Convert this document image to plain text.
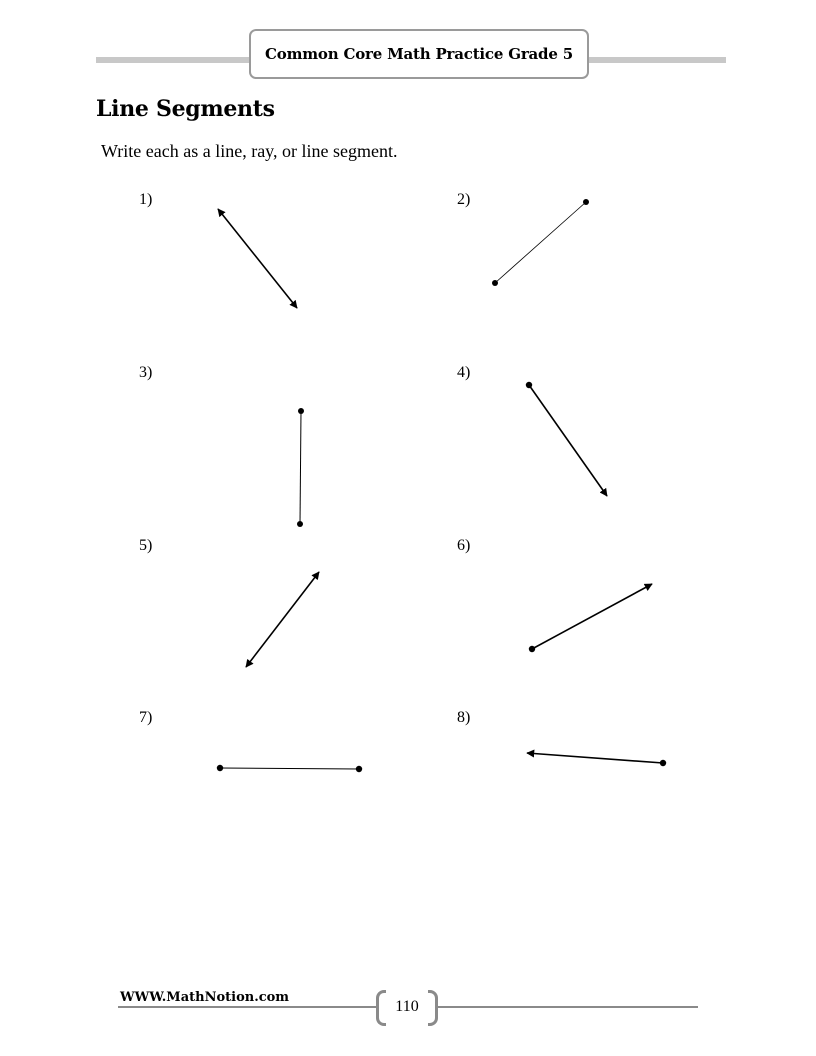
Common Core Math Practice Grade 5
Line Segments
Write each as a line, ray, or line segment.
1)	2)
3)	4)
5)	6)
7)	8)
WWW.MathNotion.com
110
